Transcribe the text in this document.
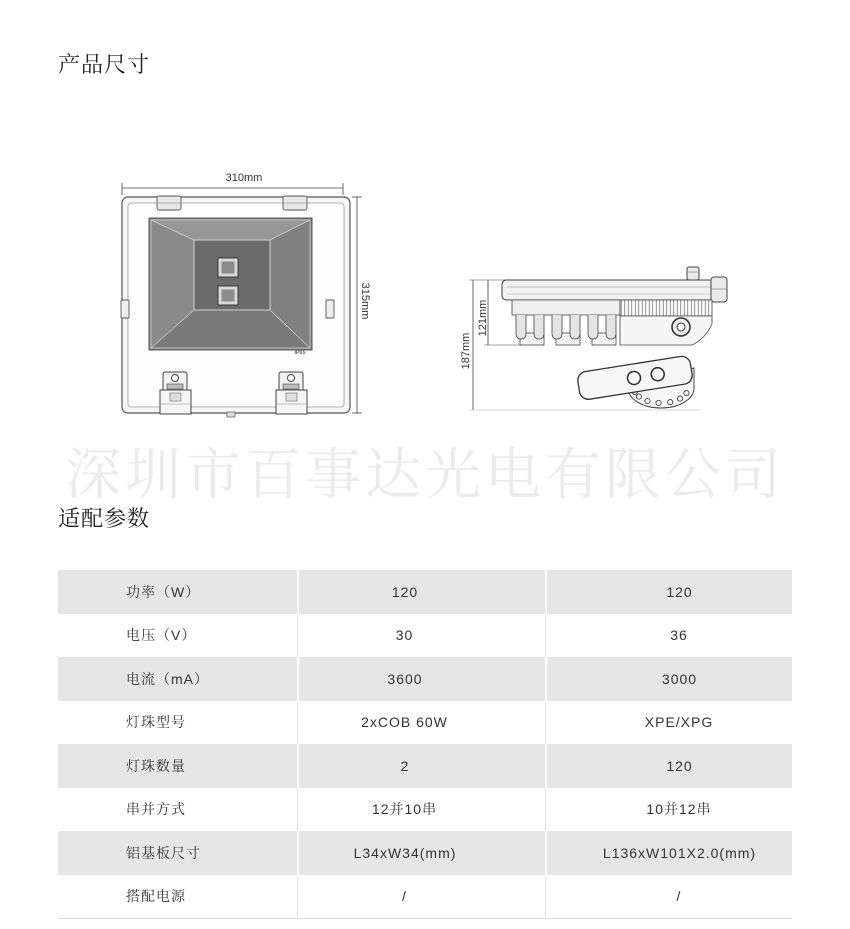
产品尺寸
310mm
315mm
IP65	187mm
121mm
深圳市百事达光电有限公司
适配参数
功率（W）	120	120
电压（V）	30	36
电流（mA）	3600	3000
灯珠型号	2xCOB 60W	XPE/XPG
灯珠数量	2	120
串并方式	12并10串	10并12串
铝基板尺寸	L34xW34(mm)	L136xW101X2.0(mm)
搭配电源	/	/
